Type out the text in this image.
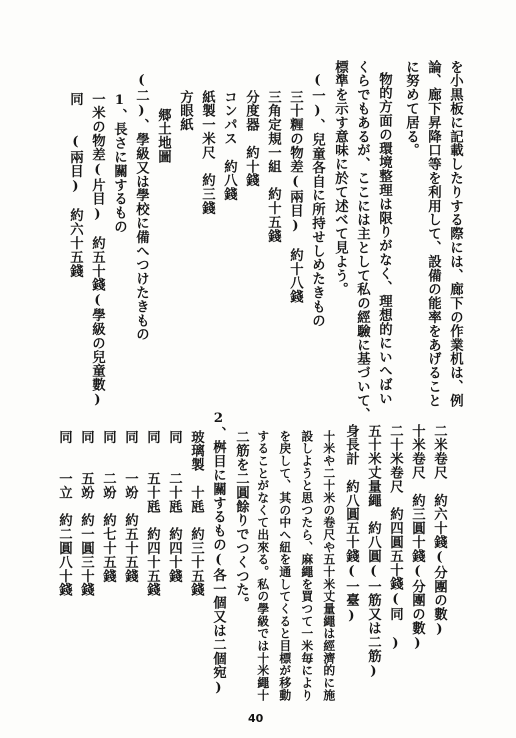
を小黒板に記載したりする際には、廊下の作業机は、例
論、廊下昇降口等を利用して、設備の能率をあげること
に努めて居る。
物的方面の環境整理は限りがなく、理想的にいへばい
くらでもあるが、ここには主として私の經驗に基づいて、
標準を示す意味に於て述べて見よう。
(一)、兒童各自に所持せしめたきもの
三十糎の物差(兩目)　約十八錢
三角定規一組　約十五錢
分度器　約十錢
コンパス　約八錢
紙製一米尺　約三錢
方眼紙
郷土地圖
(二)、學級又は學校に備へつけたきもの
1、長さに關するもの
一米の物差(片目)　約五十錢(學級の兒童數)
同　　(兩目)　約六十五錢
二米卷尺　約六十錢(分團の數)
十米卷尺　約三圓十錢(分團の數)
二十米卷尺　約四圓五十錢(同　)
五十米丈量繩　約八圓(一筋又は二筋)
身長計　約八圓五十錢(一臺)
十米や二十米の卷尺や五十米丈量繩は經濟的に施
設しようと思つたら、麻繩を買つて一米毎により
を戻して、其の中へ紐を通してくると目標が移動
することがなくて出來る。私の學級では十米繩十
二筋を二圓餘りでつくつた。
2、桝目に關するもの(各一個又は二個宛)
玻璃製　十瓱　約三十五錢
同　　二十瓱　約四十錢
同　　五十瓱　約四十五錢
同　　一竕　約五十五錢
同　　二竕　約七十五錢
同　　五竕　約一圓三十錢
同　　一立　約二圓八十錢
40
